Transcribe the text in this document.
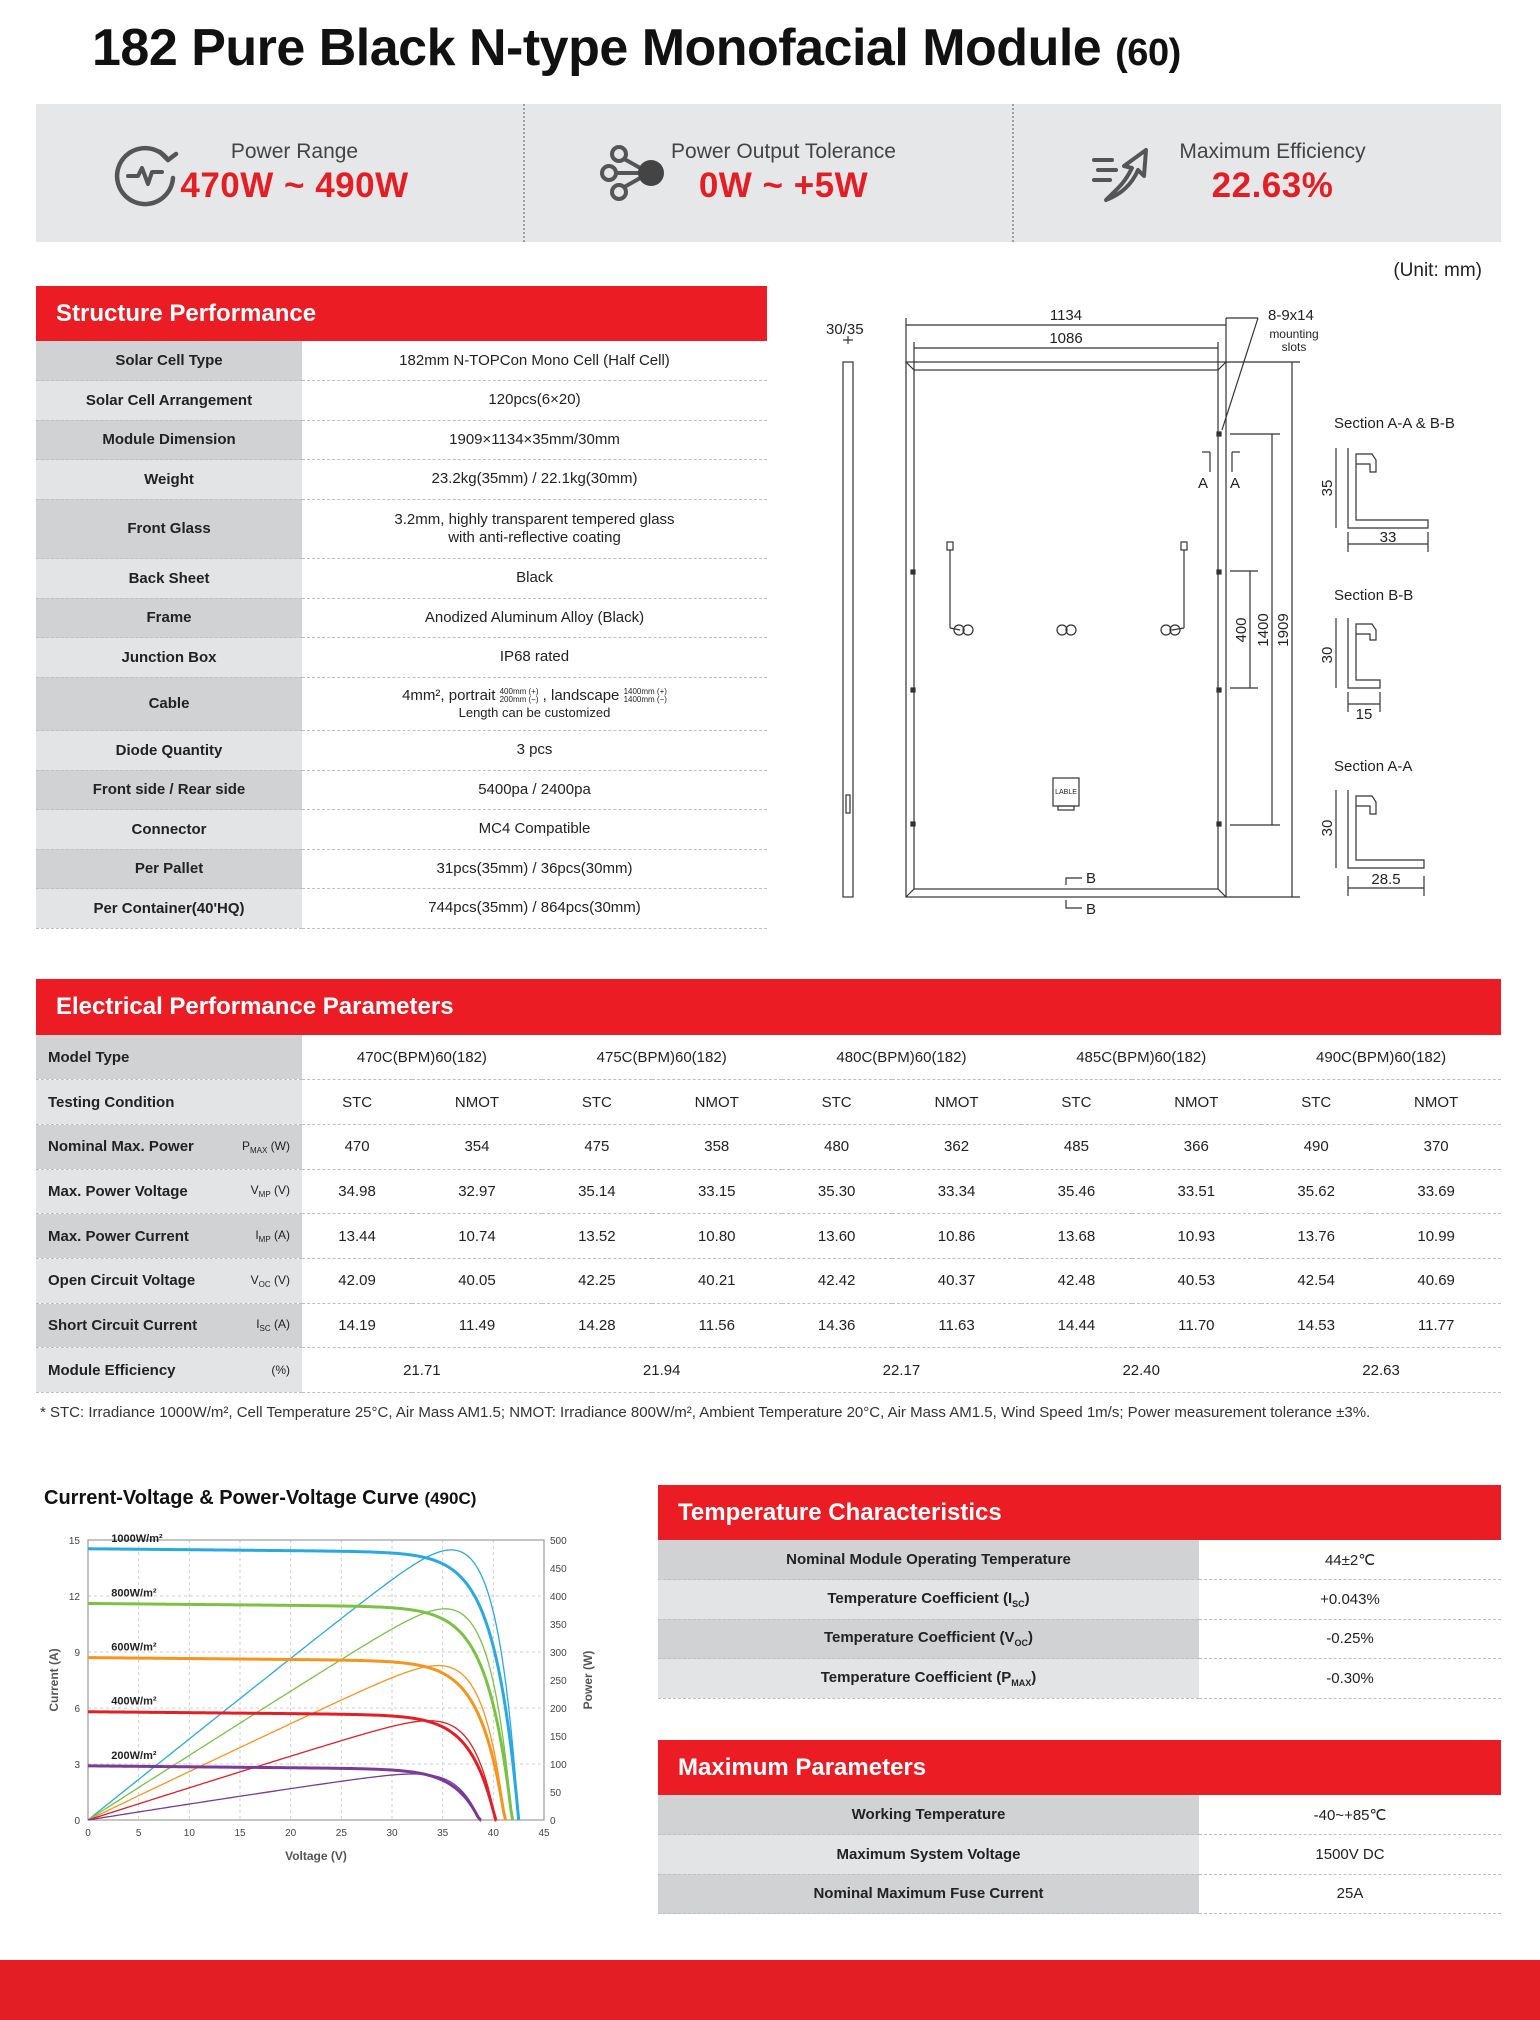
182 Pure Black N-type Monofacial Module (60)
Power Range
470W ~ 490W
Power Output Tolerance
0W ~ +5W
Maximum Efficiency
22.63%
(Unit: mm)
Structure Performance
Solar Cell Type	182mm N-TOPCon Mono Cell (Half Cell)
Solar Cell Arrangement	120pcs(6×20)
Module Dimension	1909×1134×35mm/30mm
Weight	23.2kg(35mm) / 22.1kg(30mm)
Front Glass	3.2mm, highly transparent tempered glass
with anti-reflective coating

Back Sheet	Black
Frame	Anodized Aluminum Alloy (Black)
Junction Box	IP68 rated
Cable	4mm², portrait 400mm (+)
200mm (−) , landscape 1400mm (+)
1400mm (−)
Length can be customized

Diode Quantity	3 pcs
Front side / Rear side	5400pa / 2400pa
Connector	MC4 Compatible
Per Pallet	31pcs(35mm) / 36pcs(30mm)
Per Container(40'HQ)	744pcs(35mm) / 864pcs(30mm)
30/35
1134
1086
8-9x14
mounting
slots
A A
B
B
LABLE
400 1400 1909
Section A-A & B-B
35
33
Section B-B
30
15
Section A-A
30
28.5
Electrical Performance Parameters
Model Type	470C(BPM)60(182)		475C(BPM)60(182)		480C(BPM)60(182)		485C(BPM)60(182)		490C(BPM)60(182)	
Testing Condition	STC	NMOT	STC	NMOT	STC	NMOT	STC	NMOT	STC	NMOT
Nominal Max. Power $P_{MAX}$ (W)	470	354	475	358	480	362	485	366	490	370
Max. Power Voltage $V_{MP}$ (V)	34.98	32.97	35.14	33.15	35.30	33.34	35.46	33.51	35.62	33.69
Max. Power Current $I_{MP}$ (A)	13.44	10.74	13.52	10.80	13.60	10.86	13.68	10.93	13.76	10.99
Open Circuit Voltage $V_{OC}$ (V)	42.09	40.05	42.25	40.21	42.42	40.37	42.48	40.53	42.54	40.69
Short Circuit Current $I_{SC}$ (A)	14.19	11.49	14.28	11.56	14.36	11.63	14.44	11.70	14.53	11.77
Module Efficiency (%)	21.71		21.94		22.17		22.40		22.63	
* STC: Irradiance 1000W/m², Cell Temperature 25°C, Air Mass AM1.5; NMOT: Irradiance 800W/m², Ambient Temperature 20°C, Air Mass AM1.5, Wind Speed 1m/s; Power measurement tolerance ±3%.
Current-Voltage & Power-Voltage Curve (490C)
0	5	10	15	20	25	30	35	40	45
0
3
6
9
12
15
0
50
100
150
200
250
300
350
400
450
500
Voltage (V)
Current (A)	Power (W)
1000W/m²
800W/m²
600W/m²
400W/m²
200W/m²
Temperature Characteristics
Nominal Module Operating Temperature	44±2℃
Temperature Coefficient $(I_{SC})$	+0.043%
Temperature Coefficient $(V_{OC})$	-0.25%
Temperature Coefficient $(P_{MAX})$	-0.30%
Maximum Parameters
Working Temperature	-40~+85℃
Maximum System Voltage	1500V DC
Nominal Maximum Fuse Current	25A
